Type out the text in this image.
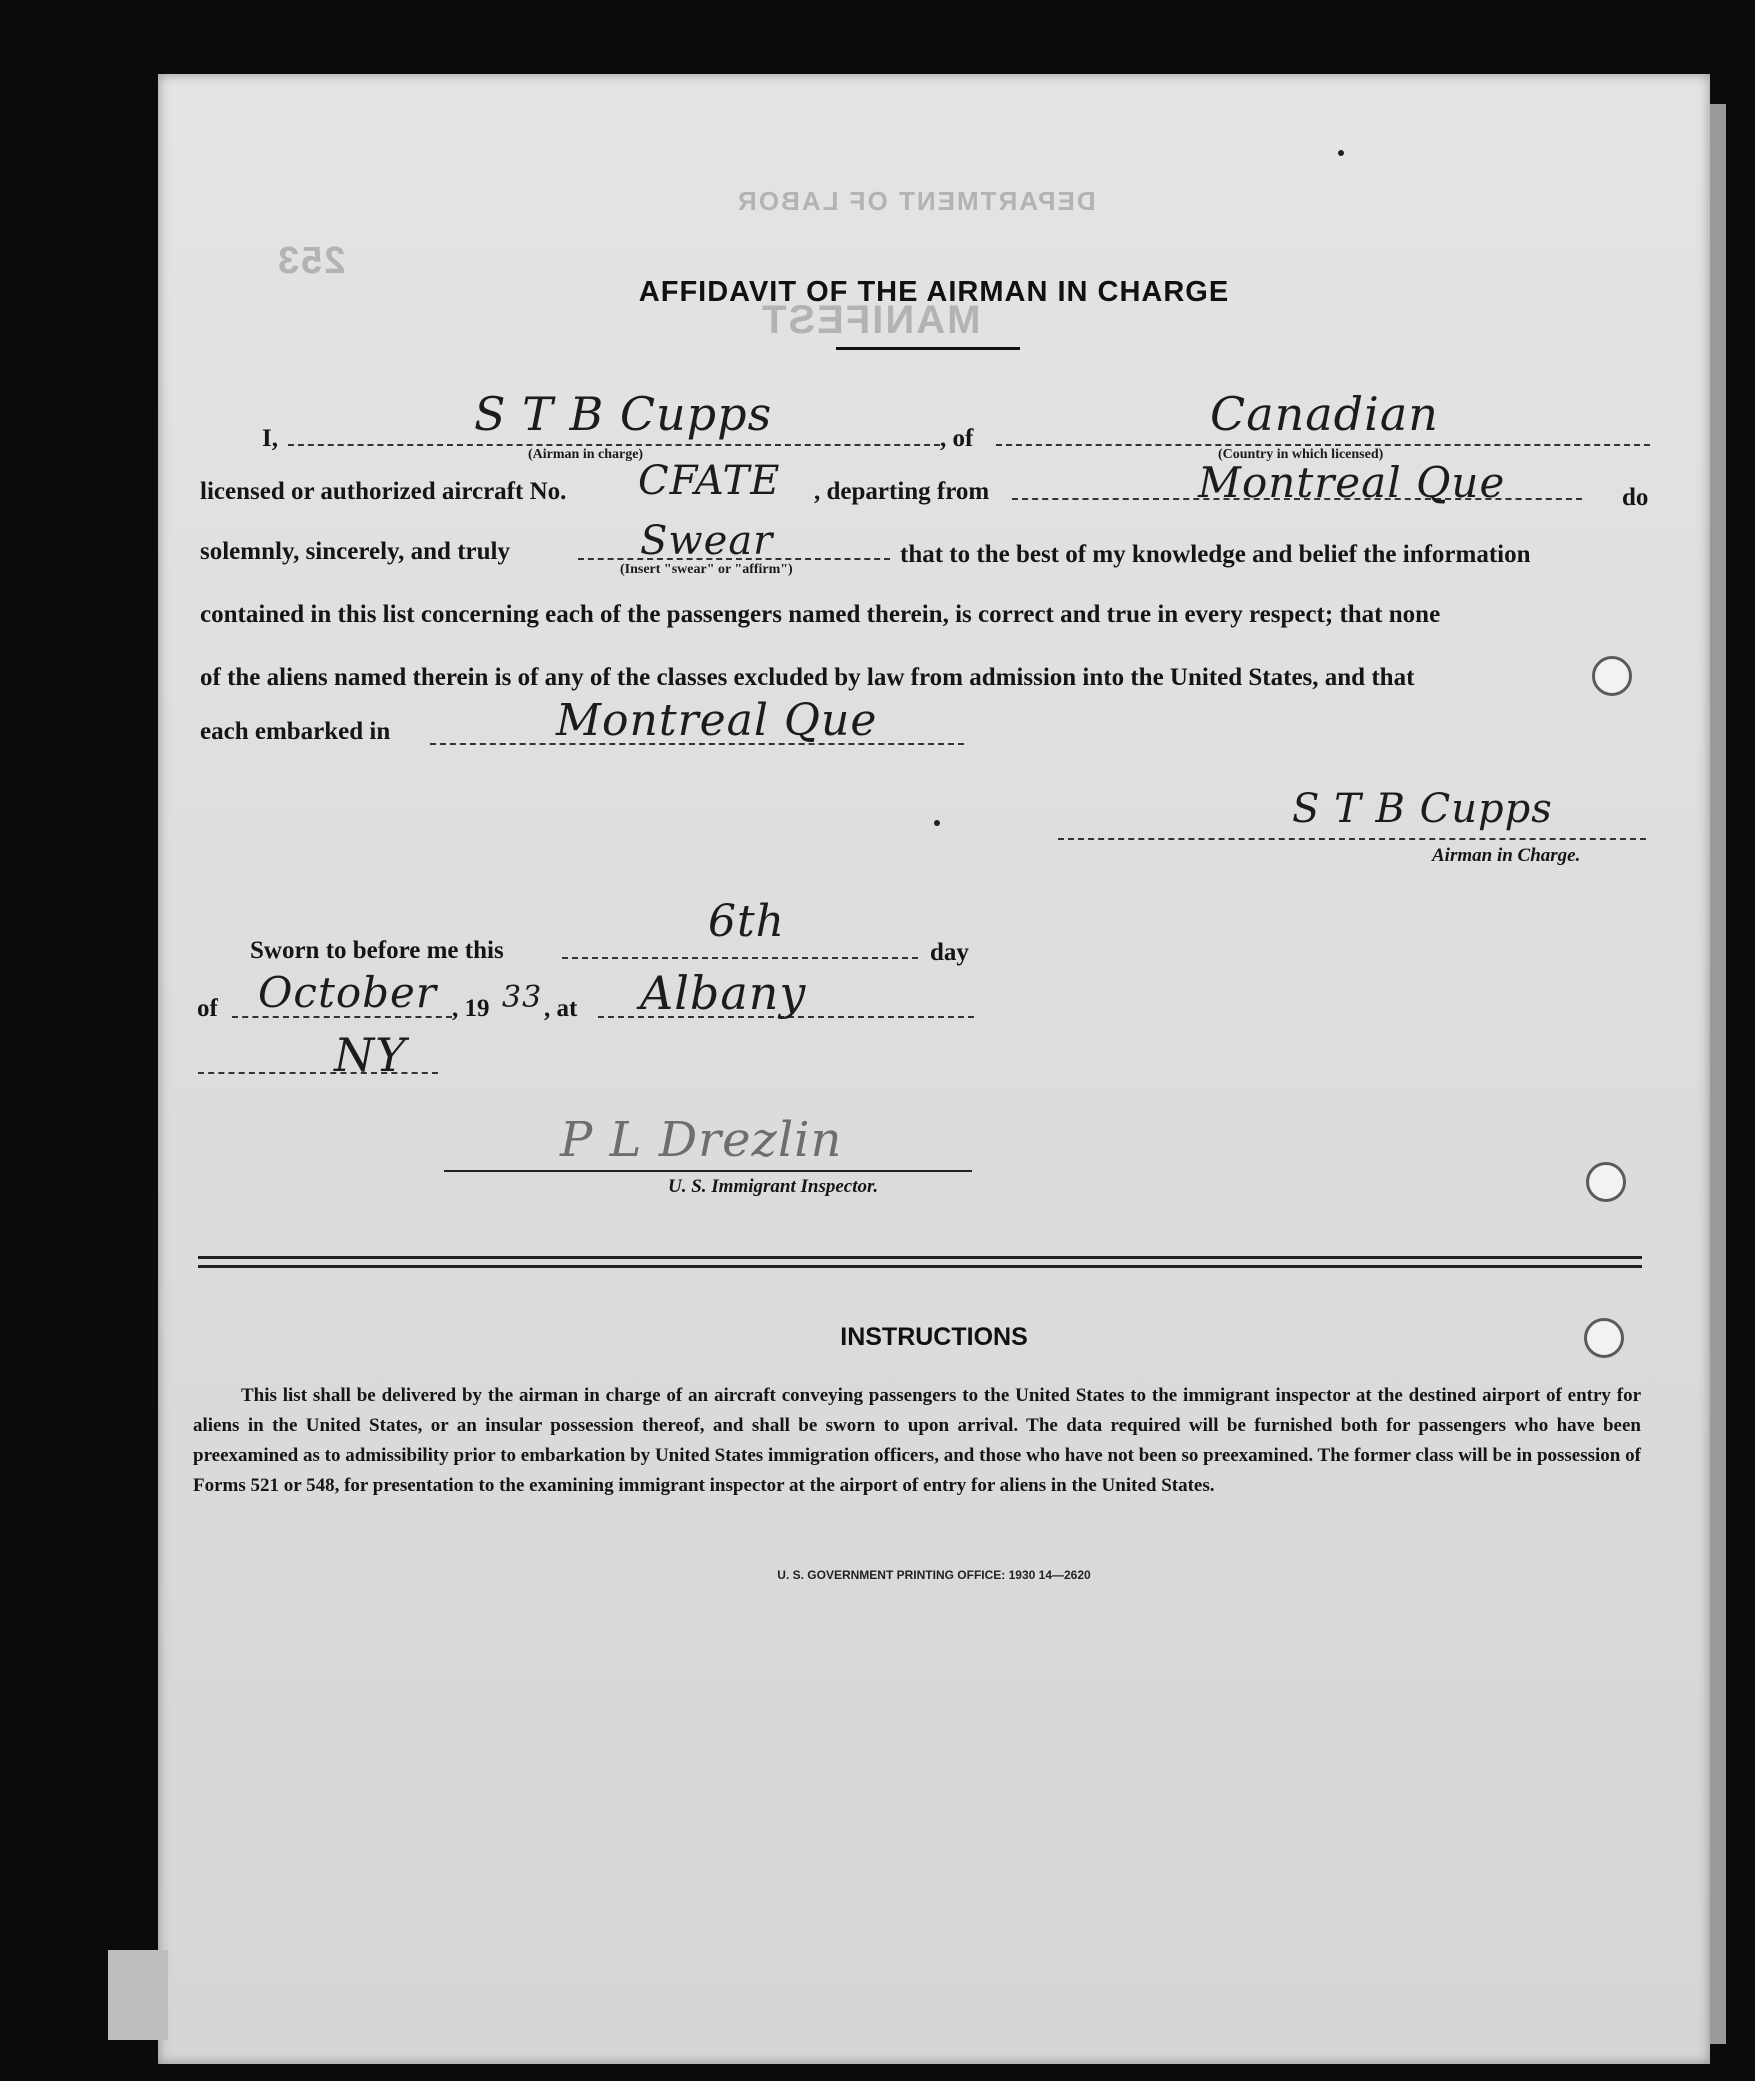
DEPARTMENT OF LABOR
253
MANIFEST
AFFIDAVIT OF THE AIRMAN IN CHARGE
I,	S T B Cupps
(Airman in charge)
, of	Canadian
(Country in which licensed)
licensed or authorized aircraft No. CFATE , departing from	Montreal Que	do
solemnly, sincerely, and truly	Swear
(Insert "swear" or "affirm")
that to the best of my knowledge and belief the information
contained in this list concerning each of the passengers named therein, is correct and true in every respect; that none
of the aliens named therein is of any of the classes excluded by law from admission into the United States, and that
each embarked in	Montreal Que
S T B Cupps
Airman in Charge.
Sworn to before me this
6th
day
of October , 19 33 , at Albany
NY
P L Drezlin
U. S. Immigrant Inspector.
INSTRUCTIONS
This list shall be delivered by the airman in charge of an aircraft conveying passengers to the United States to the immigrant inspector at the destined airport of entry for aliens in the United States, or an insular possession thereof, and shall be sworn to upon arrival. The data required will be furnished both for passengers who have been preexamined as to admissibility prior to embarkation by United States immigration officers, and those who have not been so preexamined. The former class will be in possession of Forms 521 or 548, for presentation to the examining immigrant inspector at the airport of entry for aliens in the United States.
U. S. GOVERNMENT PRINTING OFFICE: 1930 14—2620
